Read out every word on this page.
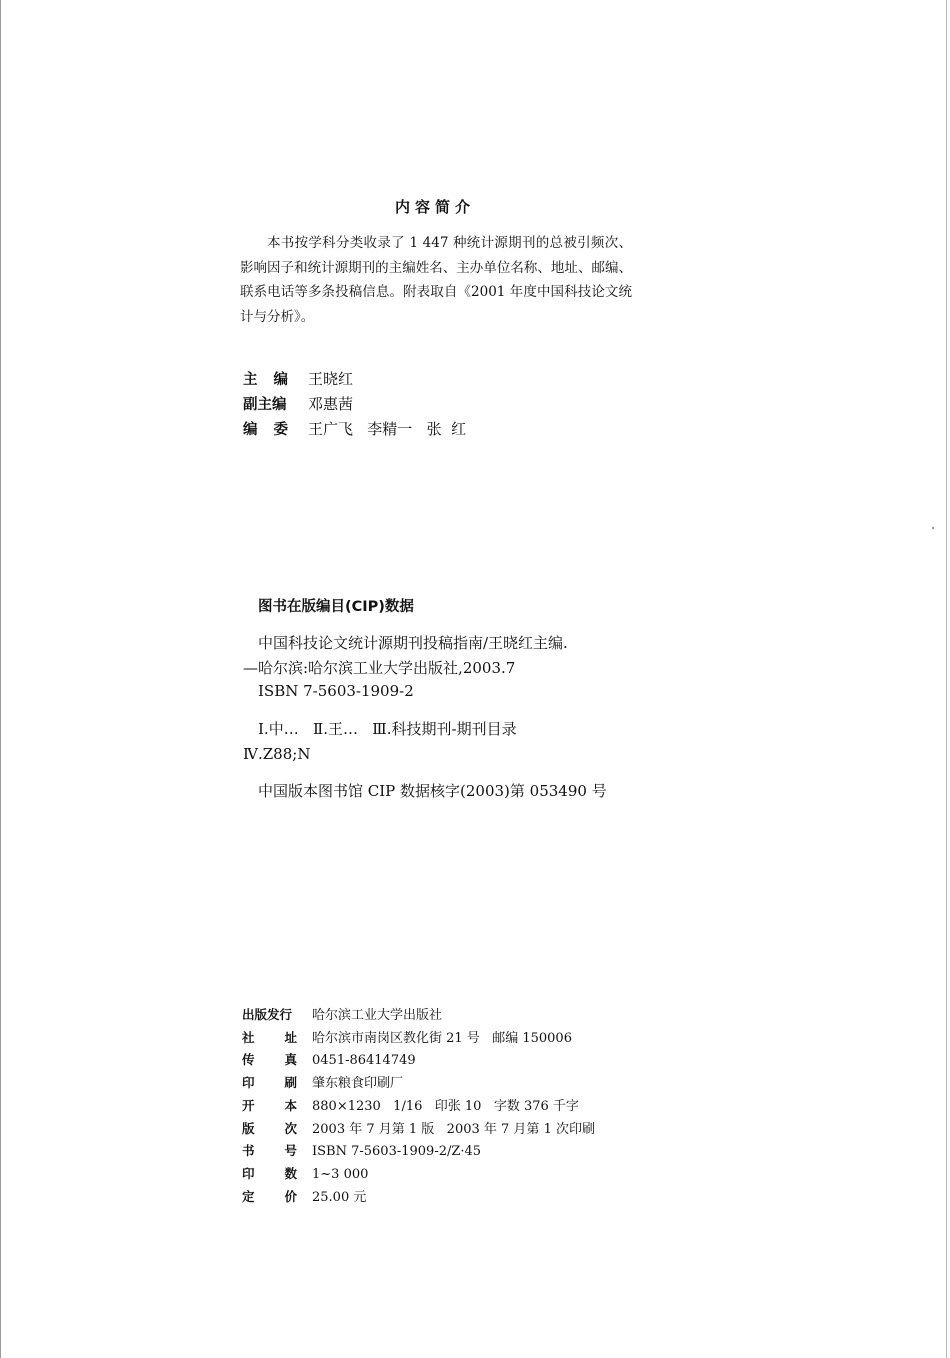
内容简介
本书按学科分类收录了 1 447 种统计源期刊的总被引频次、影响因子和统计源期刊的主编姓名、主办单位名称、地址、邮编、联系电话等多条投稿信息。附表取自《2001 年度中国科技论文统计与分析》。
主编 王晓红
副主编	邓惠茜
编委 王广飞   李精一   张  红
图书在版编目(CIP)数据
中国科技论文统计源期刊投稿指南/王晓红主编.
—哈尔滨:哈尔滨工业大学出版社,2003.7
ISBN 7-5603-1909-2
Ⅰ.中…   Ⅱ.王…   Ⅲ.科技期刊-期刊目录
Ⅳ.Z88;N
中国版本图书馆 CIP 数据核字(2003)第 053490 号
出版发行	哈尔滨工业大学出版社
社址
哈尔滨市南岗区教化街 21 号   邮编 150006
传真
0451-86414749
印刷
肇东粮食印刷厂
开本
880×1230   1/16   印张 10   字数 376 千字
版次
2003 年 7 月第 1 版   2003 年 7 月第 1 次印刷
书号
ISBN 7-5603-1909-2/Z·45
印数
1~3 000
定价
25.00 元
